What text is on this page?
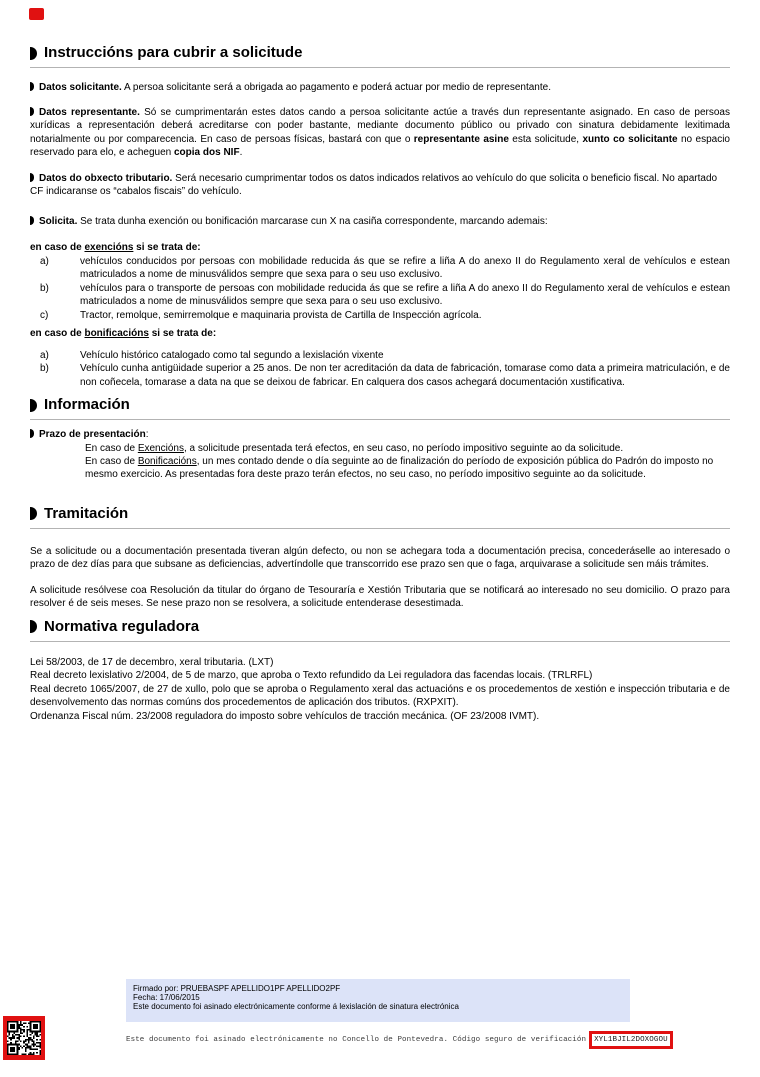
Instruccións para cubrir a solicitude

Datos solicitante. A persoa solicitante será a obrigada ao pagamento e poderá actuar por medio de representante.

Datos representante. Só se cumprimentarán estes datos cando a persoa solicitante actúe a través dun representante asignado. En caso de persoas xurídicas a representación deberá acreditarse con poder bastante, mediante documento público ou privado con sinatura debidamente lexitimada notarialmente ou por comparecencia. En caso de persoas físicas, bastará con que o representante asine esta solicitude, xunto co solicitante no espacio reservado para elo, e acheguen copia dos NIF.

Datos do obxecto tributario. Será necesario cumprimentar todos os datos indicados relativos ao vehículo do que solicita o beneficio fiscal. No apartado CF indicaranse os “cabalos fiscais” do vehículo.

Solicita. Se trata dunha exención ou bonificación marcarase cun X na casiña correspondente, marcando ademais:

en caso de exencións si se trata de:
a)	vehículos conducidos por persoas con mobilidade reducida ás que se refire a liña A do anexo II do Regulamento xeral de vehículos e estean matriculados a nome de minusválidos sempre que sexa para o seu uso exclusivo.
b)	vehículos para o transporte de persoas con mobilidade reducida ás que se refire a liña A do anexo II do Regulamento xeral de vehículos e estean matriculados a nome de minusválidos sempre que sexa para o seu uso exclusivo.
c)	Tractor, remolque, semirremolque e maquinaria provista de Cartilla de Inspección agrícola.
en caso de bonificacións si se trata de:
a)	Vehículo histórico catalogado como tal segundo a lexislación vixente
b)	Vehículo cunha antigüidade superior a 25 anos. De non ter acreditación da data de fabricación, tomarase como data a primeira matriculación, e de non coñecela, tomarase a data na que se deixou de fabricar. En calquera dos casos achegará documentación xustificativa.
Información

Prazo de presentación:

En caso de Exencións, a solicitude presentada terá efectos, en seu caso, no período impositivo seguinte ao da solicitude.
En caso de Bonificacións, un mes contado dende o día seguinte ao de finalización do período de exposición pública do Padrón do imposto no mesmo exercicio. As presentadas fora deste prazo terán efectos, no seu caso, no período impositivo seguinte ao da solicitude.
Tramitación

Se a solicitude ou a documentación presentada tiveran algún defecto, ou non se achegara toda a documentación precisa, concederáselle ao interesado o prazo de dez días para que subsane as deficiencias, advertíndolle que transcorrido ese prazo sen que o faga, arquivarase a solicitude sen máis trámites.

A solicitude resólvese coa Resolución da titular do órgano de Tesouraría e Xestión Tributaria que se notificará ao interesado no seu domicilio. O prazo para resolver é de seis meses. Se nese prazo non se resolvera, a solicitude entenderase desestimada.

Normativa reguladora
Lei 58/2003, de 17 de decembro, xeral tributaria. (LXT)
Real decreto lexislativo 2/2004, de 5 de marzo, que aproba o Texto refundido da Lei reguladora das facendas locais. (TRLRFL)
Real decreto 1065/2007, de 27 de xullo, polo que se aproba o Regulamento xeral das actuacións e os procedementos de xestión e inspección tributaria e de desenvolvemento das normas comúns dos procedementos de aplicación dos tributos. (RXPXIT).
Ordenanza Fiscal núm. 23/2008 reguladora do imposto sobre vehículos de tracción mecánica. (OF 23/2008 IVMT).
Firmado por: PRUEBASPF APELLIDO1PF APELLIDO2PF
Fecha: 17/06/2015
Este documento foi asinado electrónicamente conforme á lexislación de sinatura electrónica
Este documento foi asinado electrónicamente no Concello de Pontevedra. Código seguro de verificación	XYL1BJIL2DOXOGOU
